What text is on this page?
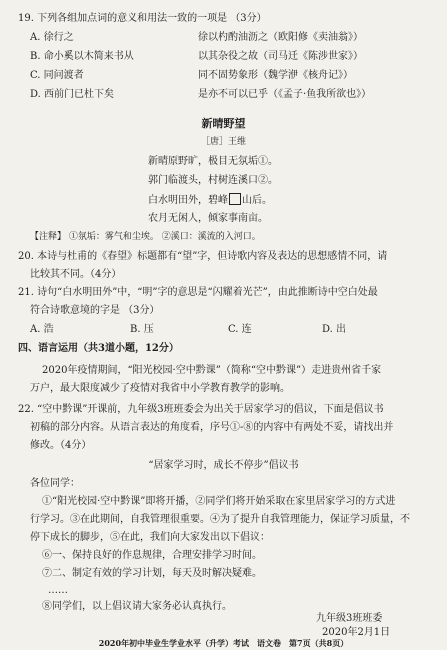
19. 下列各组加点词的意义和用法一致的一项是 （3分）
A. 徐行之	徐以杓酌油沥之（欧阳修《卖油翁》）
B. 命小奚以木简来书从	以其杂役之故（司马迁《陈涉世家》）
C. 同问渡者	同不固势象形（魏学洢《核舟记》）
D. 西前门已杜下矣	是亦不可以已乎（《孟子·鱼我所欲也》）
新晴野望
［唐］王维
新晴原野旷，极目无氛垢①。
郭门临渡头，村树连溪口②。
白水明田外，碧峰 山后。
农月无闲人，倾家事南亩。
【注释】 ①氛垢：雾气和尘埃。 ②溪口：溪流的入河口。
20. 本诗与杜甫的《春望》标题都有“望”字，但诗歌内容及表达的思想感情不同，请
比较其不同。（4分）
21. 诗句“白水明田外”中，“明”字的意思是“闪耀着光芒”，由此推断诗中空白处最
符合诗歌意境的字是 （3分）
A. 浩	B. 压	C. 连	D. 出
四、语言运用（共3道小题，12分）
2020年疫情期间，“阳光校园·空中黔课”（简称“空中黔课”）走进贵州省千家
万户，最大限度减少了疫情对我省中小学教育教学的影响。
22. “空中黔课”开课前，九年级3班班委会为出关于居家学习的倡议，下面是倡议书
初稿的部分内容。从语言表达的角度看，序号①-⑧的内容中有两处不妥，请找出并
修改。（4分）
“居家学习时，成长不停步”倡议书
各位同学：
①“阳光校园·空中黔课”即将开播，②同学们将开始采取在家里居家学习的方式进
行学习。③在此期间，自我管理很重要。④为了提升自我管理能力，保证学习质量，不
停下成长的脚步，⑤在此，我们向大家发出以下倡议：
⑥一、保持良好的作息规律，合理安排学习时间。
⑦二、制定有效的学习计划，每天及时解决疑难。
……
⑧同学们，以上倡议请大家务必认真执行。
九年级3班班委
2020年2月1日
2020年初中毕业生学业水平（升学）考试　语文卷　第7页（共8页）
